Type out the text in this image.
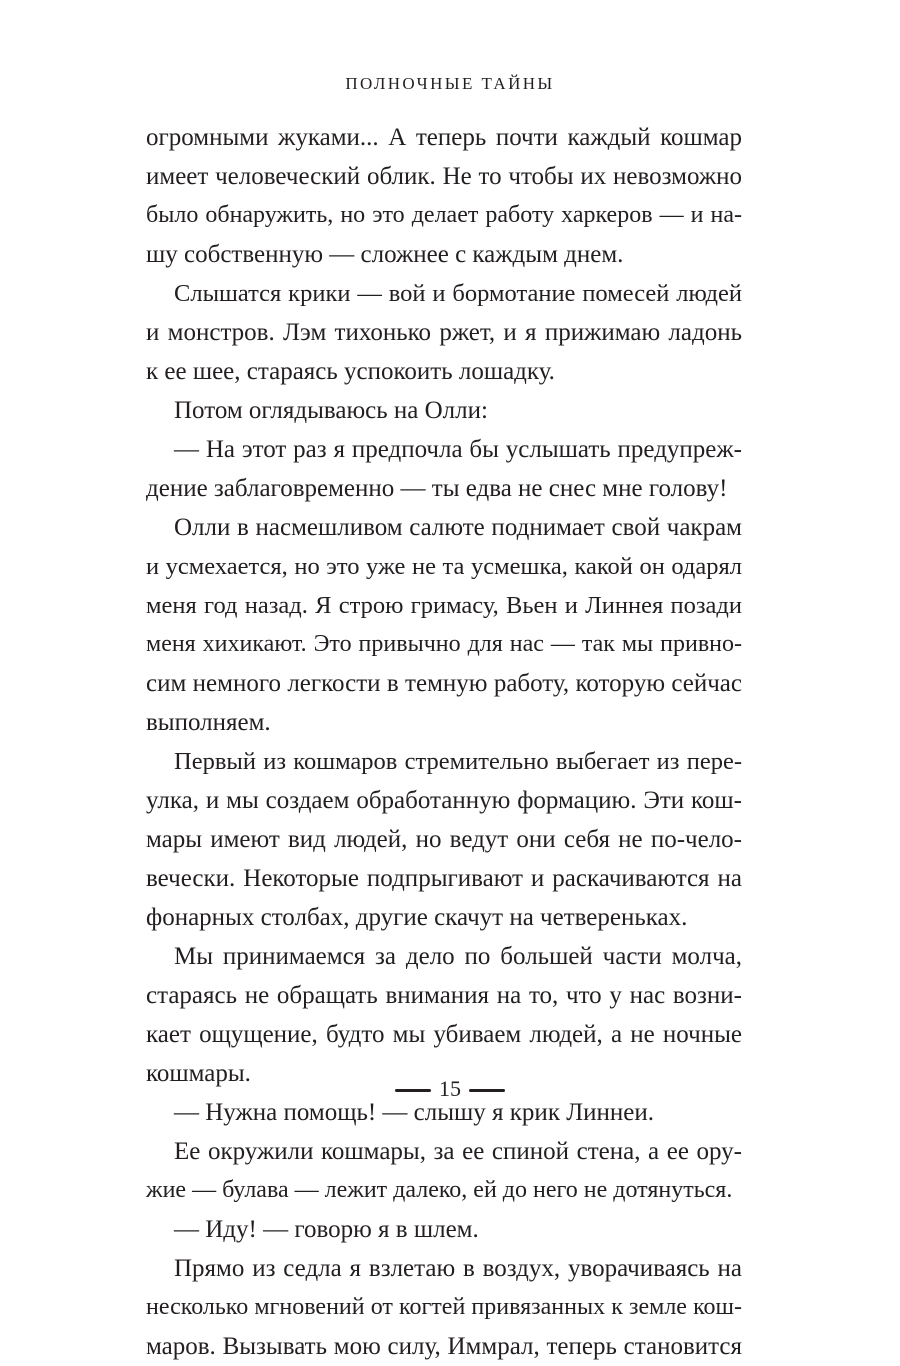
ПОЛНОЧНЫЕ ТАЙНЫ
огромными жуками... А теперь почти каждый кошмар
имеет человеческий облик. Не то чтобы их невозможно
было обнаружить, но это делает работу харкеров — и на-
шу собственную — сложнее с каждым днем.
Слышатся крики — вой и бормотание помесей людей
и монстров. Лэм тихонько ржет, и я прижимаю ладонь
к ее шее, стараясь успокоить лошадку.
Потом оглядываюсь на Олли:
— На этот раз я предпочла бы услышать предупреж-
дение заблаговременно — ты едва не снес мне голову!
Олли в насмешливом салюте поднимает свой чакрам
и усмехается, но это уже не та усмешка, какой он одарял
меня год назад. Я строю гримасу, Вьен и Линнея позади
меня хихикают. Это привычно для нас — так мы привно-
сим немного легкости в темную работу, которую сейчас
выполняем.
Первый из кошмаров стремительно выбегает из пере-
улка, и мы создаем обработанную формацию. Эти кош-
мары имеют вид людей, но ведут они себя не по-чело-
вечески. Некоторые подпрыгивают и раскачиваются на
фонарных столбах, другие скачут на четвереньках.
Мы принимаемся за дело по большей части молча,
стараясь не обращать внимания на то, что у нас возни-
кает ощущение, будто мы убиваем людей, а не ночные
кошмары.
— Нужна помощь! — слышу я крик Линнеи.
Ее окружили кошмары, за ее спиной стена, а ее ору-
жие — булава — лежит далеко, ей до него не дотянуться.
— Иду! — говорю я в шлем.
Прямо из седла я взлетаю в воздух, уворачиваясь на
несколько мгновений от когтей привязанных к земле кош-
маров. Вызывать мою силу, Иммрал, теперь становится
15
